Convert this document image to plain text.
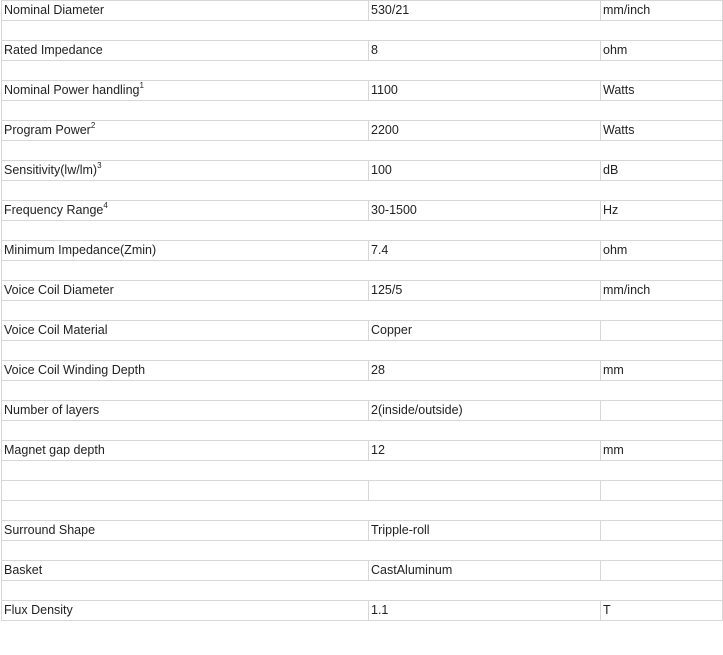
Nominal Diameter	530/21	mm/inch

Rated Impedance	8	ohm

Nominal Power handling$^1$	1100	Watts

Program Power$^2$	2200	Watts

$Sensitivity(lw/lm)^3$	100	dB

Frequency Range$^4$	30-1500	Hz

Minimum Impedance(Zmin)	7.4	ohm

Voice Coil Diameter	125/5	mm/inch

Voice Coil Material	Copper	

Voice Coil Winding Depth	28	mm

Number of layers	2(inside/outside)	

Magnet gap depth	12	mm

Surround Shape	Tripple-roll	

Basket	CastAluminum	

Flux Density	1.1	T
